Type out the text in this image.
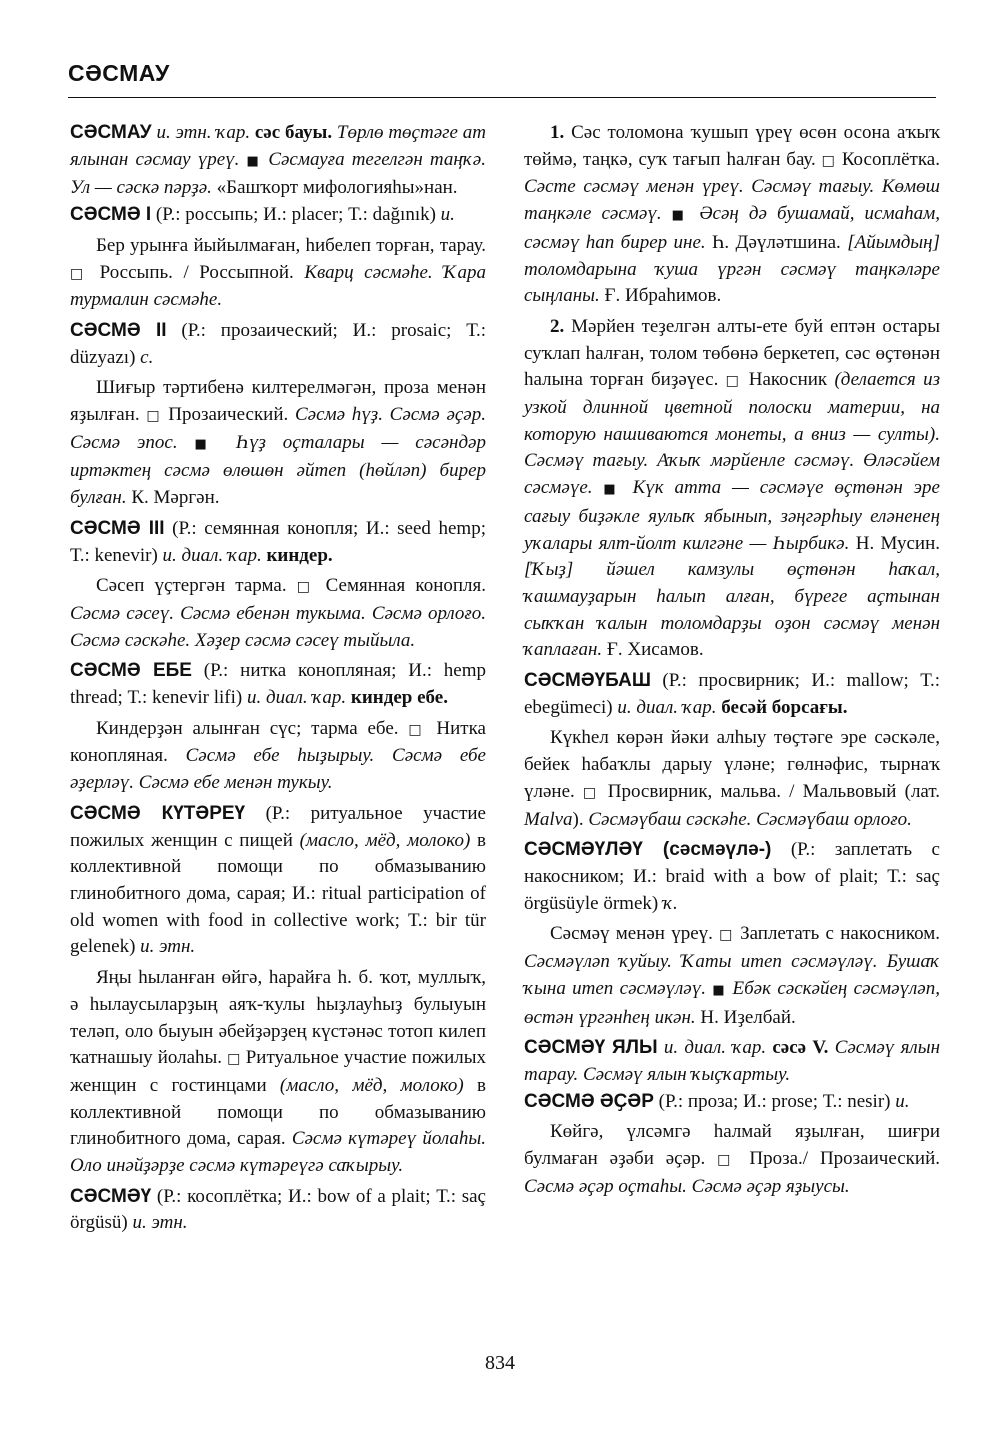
СӘСМАУ

СӘСМАУ и. этн. ҡар. сәс бауы. Төрлө төҫтәге ат ялынан сәсмау үреү. ■ Сәсмауға тегелгән таңҡә. Ул — сәскә пәрҙә. «Башҡорт мифологияһы»нан.

СӘСМӘ I (Р.: россыпь; И.: placer; Т.: dağınık) и.

Бер урынға йыйылмаған, һибелеп торған, тарау. □ Россыпь. / Россыпной. Кварц сәсмәһе. Ҡара турмалин сәсмәһе.

СӘСМӘ II (Р.: прозаический; И.: prosaic; Т.: düzyazı) с.

Шиғыр тәртибенә килтерелмәгән, проза менән яҙылған. □ Прозаический. Сәсмә һүҙ. Сәсмә әҫәр. Сәсмә эпос. ■ Һүҙ оҫталары — сәсәндәр иртәктең сәсмә өлөшөн әйтеп (һөйләп) бирер булған. К. Мәргән.

СӘСМӘ III (Р.: семянная конопля; И.: seed hemp; Т.: kenevir) и. диал. ҡар. киндер.

Сәсеп үҫтергән тарма. □ Семянная конопля. Сәсмә сәсеү. Сәсмә ебенән тукыма. Сәсмә орлоғо. Сәсмә сәскәһе. Хәҙер сәсмә сәсеү тыйыла.

СӘСМӘ ЕБЕ (Р.: нитка конопляная; И.: hemp thread; Т.: kenevir lifi) и. диал. ҡар. киндер ебе.

Киндерҙән алынған сүс; тарма ебе. □ Нитка конопляная. Сәсмә ебе һыҙырыу. Сәсмә ебе әҙерләү. Сәсмә ебе менән тукыу.

СӘСМӘ КҮТӘРЕҮ (Р.: ритуальное участие пожилых женщин с пищей (масло, мёд, молоко) в коллективной помощи по обмазыванию глинобитного дома, сарая; И.: ritual participation of old women with food in collective work; Т.: bir tür gelenek) и. этн.

Яңы һыланған өйгә, һарайға һ. б. ҡот, муллыҡ, ә һылаусыларҙың аяҡ-ҡулы һыҙлауһыҙ булыуын теләп, оло быуын әбейҙәрҙең күстәнәс тотоп килеп ҡатнашыу йолаһы. □ Ритуальное участие пожилых женщин с гостинцами (масло, мёд, молоко) в коллективной помощи по обмазыванию глинобитного дома, сарая. Сәсмә күтәреү йолаһы. Оло инәйҙәрҙе сәсмә күтәреүгә саҡырыу.

СӘСМӘҮ (Р.: косоплётка; И.: bow of a plait; Т.: saç örgüsü) и. этн.

1. Сәс толомона ҡушып үреү өсөн осона аҡыҡ төймә, таңкә, суҡ тағып һалған бау. □ Косоплётка. Сәсте сәсмәү менән үреү. Сәсмәү тағыу. Көмөш таңкәле сәсмәү. ■ Әсәң дә бушамай, исмаһам, сәсмәү һап бирер ине. Һ. Дәүләтшина. [Айымдың] толомдарына ҡуша үргән сәсмәү таңкәләре сыңланы. Ғ. Ибраһимов.

2. Мәрйен теҙелгән алты-ете буй ептән остары суҡлап һалған, толом төбөнә беркетеп, сәс өҫтөнән һалына торған биҙәүес. □ Накосник (делается из узкой длинной цветной полоски материи, на которую нашиваются монеты, а вниз — султы). Сәсмәү тағыу. Аҡыҡ мәрйенле сәсмәү. Өләсәйем сәсмәүе. ■ Күк атта — сәсмәүе өҫтөнән эре сағыу биҙәкле яулыҡ ябынып, зәңгәрһыу еләненең уҡалары ялт-йолт килгәне — Һырбикә. Н. Мусин. [Ҡыҙ] йәшел камзулы өҫтөнән һаҡал, ҡашмауҙарын һалып алған, бүреге аҫтынан сыҡҡан ҡалын толомдарҙы оҙон сәсмәү менән ҡаплаған. Ғ. Хисамов.

СӘСМӘҮБАШ (Р.: просвирник; И.: mallow; Т.: ebegümeci) и. диал. ҡар. бесәй борсағы.

Күкһел көрән йәки алһыу төҫтәге эре сәскәле, бейек һабаҡлы дарыу үләне; гөлнәфис, тырнаҡ үләне. □ Просвирник, мальва. / Мальвовый (лат. Malva). Сәсмәүбаш сәскәһе. Сәсмәүбаш орлоғо.

СӘСМӘҮЛӘҮ (сәсмәүлә-) (Р.: заплетать с накосником; И.: braid with a bow of plait; Т.: saç örgüsüyle örmek) ҡ.

Сәсмәү менән үреү. □ Заплетать с накосником. Сәсмәүләп ҡуйыу. Ҡаты итеп сәсмәүләү. Бушаҡ ҡына итеп сәсмәүләү. ■ Ебәк сәскәйең сәсмәүләп, өстән үргәнһең икән. Н. Иҙелбай.

СӘСМӘҮ ЯЛЫ и. диал. ҡар. сәсә V. Сәсмәү ялын тарау. Сәсмәү ялын ҡыҫҡартыу.

СӘСМӘ ӘҪӘР (Р.: проза; И.: prose; Т.: nesir) и.

Көйгә, үлсәмгә һалмай яҙылған, шиғри булмаған әҙәби әҫәр. □ Проза./ Прозаический. Сәсмә әҫәр оҫтаһы. Сәсмә әҫәр яҙыусы.

834
